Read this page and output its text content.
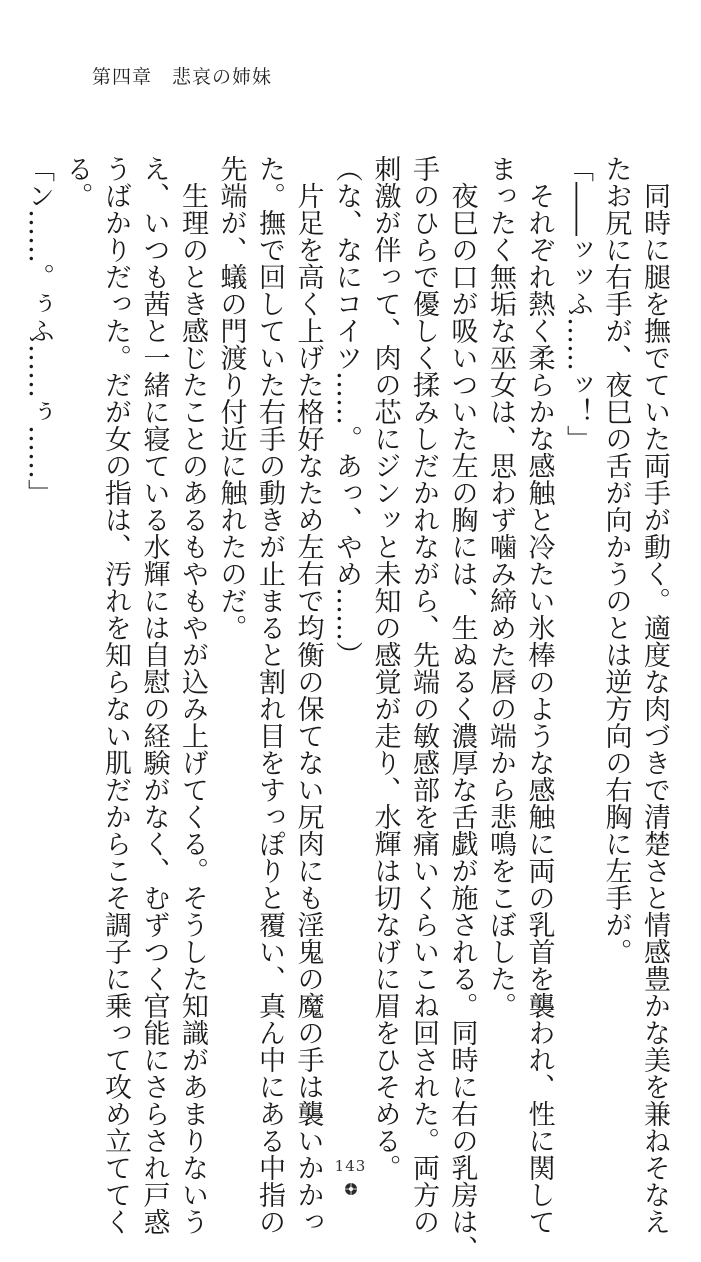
第四章　悲哀の姉妹

　同時に腿を撫でていた両手が動く。適度な肉づきで清楚さと情感豊かな美を兼ねそなえ

たお尻に右手が、夜巳の舌が向かうのとは逆方向の右胸に左手が。

「――ッッふ……ッ！」

　それぞれ熱く柔らかな感触と冷たい氷棒のような感触に両の乳首を襲われ、性に関して

まったく無垢な巫女は、思わず噛み締めた唇の端から悲鳴をこぼした。

　夜巳の口が吸いついた左の胸には、生ぬるく濃厚な舌戯が施される。同時に右の乳房は、

手のひらで優しく揉みしだかれながら、先端の敏感部を痛いくらいこね回された。両方の

刺激が伴って、肉の芯にジンッと未知の感覚が走り、水輝は切なげに眉をひそめる。

（な、なにコイツ……。あっ、やめ……）

　片足を高く上げた格好なため左右で均衡の保てない尻肉にも淫鬼の魔の手は襲いかかっ

た。撫で回していた右手の動きが止まると割れ目をすっぽりと覆い、真ん中にある中指の

先端が、蟻の門渡り付近に触れたのだ。

　生理のとき感じたことのあるもやもやが込み上げてくる。そうした知識があまりないう

え、いつも茜と一緒に寝ている水輝には自慰の経験がなく、むずつく官能にさらされ戸惑

うばかりだった。だが女の指は、汚れを知らない肌だからこそ調子に乗って攻め立ててく

る。

「ン……。ぅふ……ぅ……」

143
